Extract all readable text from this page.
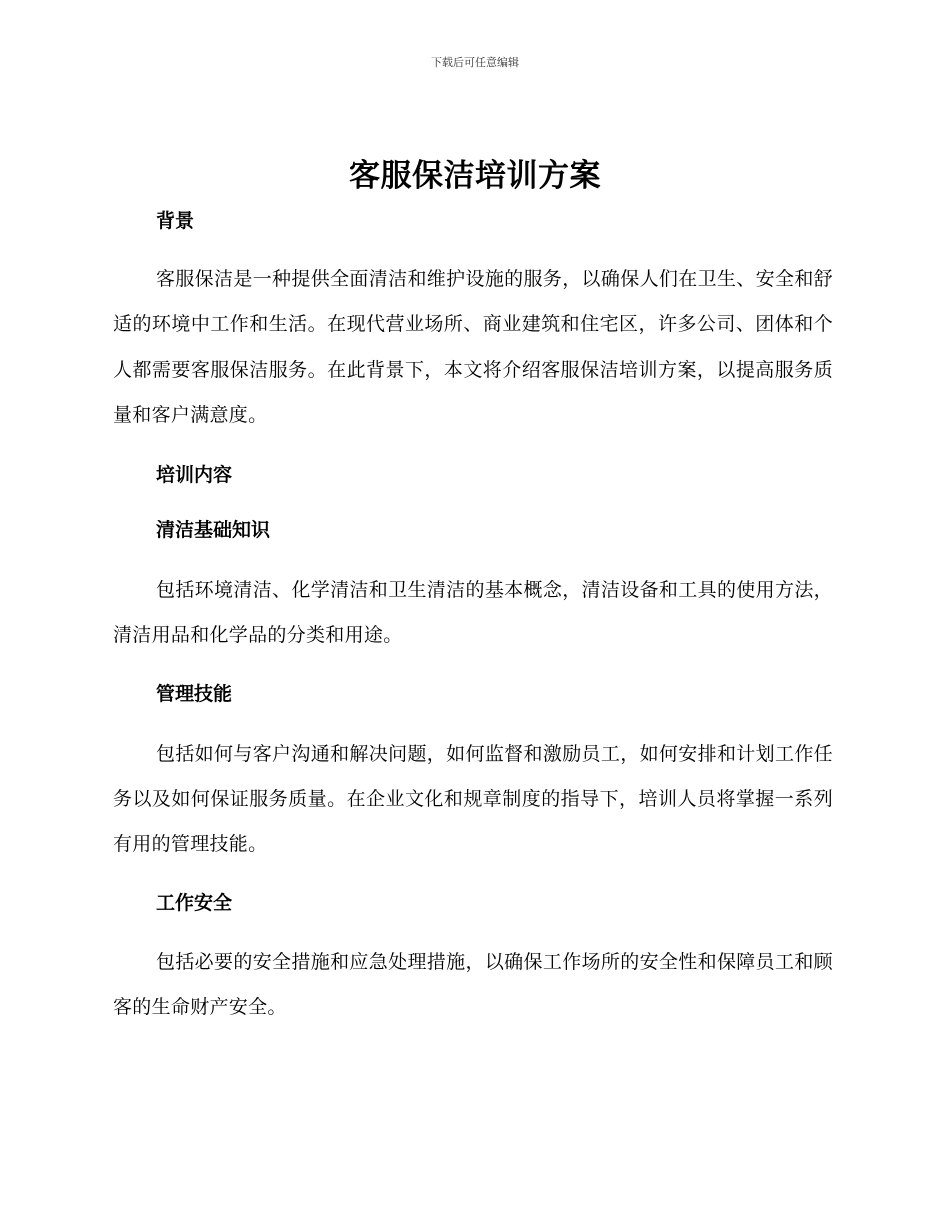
下载后可任意编辑
客服保洁培训方案
背景

客服保洁是一种提供全面清洁和维护设施的服务，以确保人们在卫生、安全和舒适的环境中工作和生活。在现代营业场所、商业建筑和住宅区，许多公司、团体和个人都需要客服保洁服务。在此背景下，本文将介绍客服保洁培训方案，以提高服务质量和客户满意度。

培训内容
清洁基础知识

包括环境清洁、化学清洁和卫生清洁的基本概念，清洁设备和工具的使用方法，清洁用品和化学品的分类和用途。

管理技能

包括如何与客户沟通和解决问题，如何监督和激励员工，如何安排和计划工作任务以及如何保证服务质量。在企业文化和规章制度的指导下，培训人员将掌握一系列有用的管理技能。

工作安全

包括必要的安全措施和应急处理措施，以确保工作场所的安全性和保障员工和顾客的生命财产安全。
